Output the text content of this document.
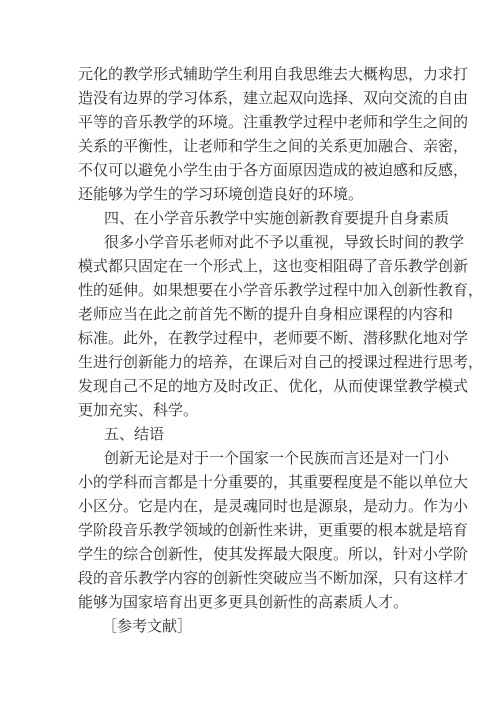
元化的教学形式辅助学生利用自我思维去大概构思，力求打
造没有边界的学习体系，建立起双向选择、双向交流的自由
平等的音乐教学的环境。注重教学过程中老师和学生之间的
关系的平衡性，让老师和学生之间的关系更加融合、亲密，
不仅可以避免小学生由于各方面原因造成的被迫感和反感，
还能够为学生的学习环境创造良好的环境。
四、在小学音乐教学中实施创新教育要提升自身素质
很多小学音乐老师对此不予以重视，导致长时间的教学
模式都只固定在一个形式上，这也变相阻碍了音乐教学创新
性的延伸。如果想要在小学音乐教学过程中加入创新性教育，
老师应当在此之前首先不断的提升自身相应课程的内容和
标准。此外，在教学过程中，老师要不断、潜移默化地对学
生进行创新能力的培养，在课后对自己的授课过程进行思考，
发现自己不足的地方及时改正、优化，从而使课堂教学模式
更加充实、科学。
五、结语
创新无论是对于一个国家一个民族而言还是对一门小
小的学科而言都是十分重要的，其重要程度是不能以单位大
小区分。它是内在，是灵魂同时也是源泉，是动力。作为小
学阶段音乐教学领域的创新性来讲，更重要的根本就是培育
学生的综合创新性，使其发挥最大限度。所以，针对小学阶
段的音乐教学内容的创新性突破应当不断加深，只有这样才
能够为国家培育出更多更具创新性的高素质人才。
［参考文献］
